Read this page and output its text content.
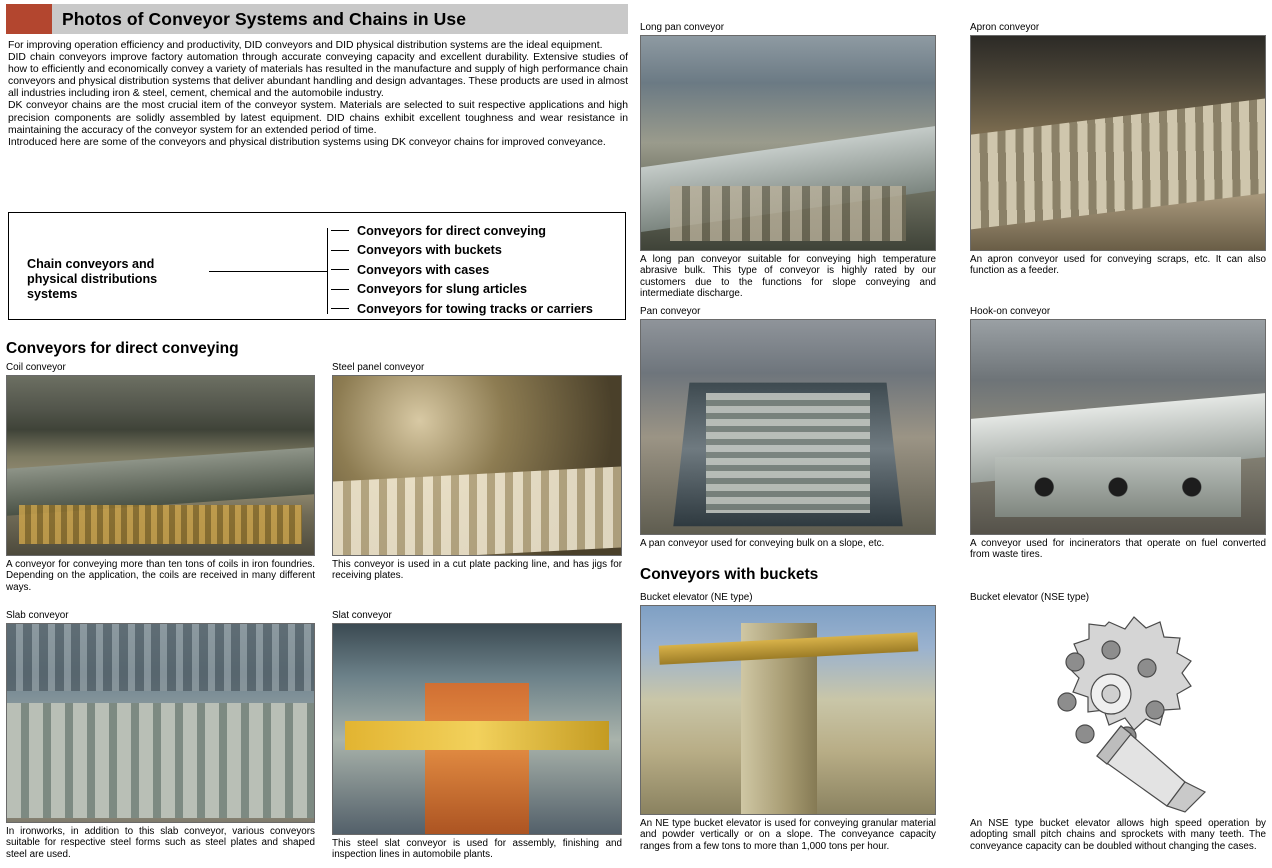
Photos of Conveyor Systems and Chains in Use

For improving operation efficiency and productivity, DID conveyors and DID physical distribution systems are the ideal equipment.

DID chain conveyors improve factory automation through accurate conveying capacity and excellent durability. Extensive studies of how to efficiently and economically convey a variety of materials has resulted in the manufacture and supply of high performance chain conveyors and physical distribution systems that deliver abundant handling and design advantages. These products are used in almost all industries including iron & steel, cement, chemical and the automobile industry.

DK conveyor chains are the most crucial item of the conveyor system. Materials are selected to suit respective applications and high precision components are solidly assembled by latest equipment. DID chains exhibit excellent toughness and wear resistance in maintaining the accuracy of the conveyor system for an extended period of time.

Introduced here are some of the conveyors and physical distribution systems using DK conveyor chains for improved conveyance.

Chain conveyors and
physical distributions systems
Conveyors for direct conveying
Conveyors with buckets
Conveyors with cases
Conveyors for slung articles
Conveyors for towing tracks or carriers
Conveyors for direct conveying
Coil conveyor
A conveyor for conveying more than ten tons of coils in iron foundries. Depending on the application, the coils are received in many different ways.
Steel panel conveyor
This conveyor is used in a cut plate packing line, and has jigs for receiving plates.
Slab conveyor
In ironworks, in addition to this slab conveyor, various conveyors suitable for respective steel forms such as steel plates and shaped steel are used.
Slat conveyor
This steel slat conveyor is used for assembly, finishing and inspection lines in automobile plants.
Long pan conveyor
A long pan conveyor suitable for conveying high temperature abrasive bulk. This type of conveyor is highly rated by our customers due to the functions for slope conveying and intermediate discharge.
Apron conveyor
An apron conveyor used for conveying scraps, etc. It can also function as a feeder.
Pan conveyor
A pan conveyor used for conveying bulk on a slope, etc.
Hook-on conveyor
A conveyor used for incinerators that operate on fuel converted from waste tires.
Conveyors with buckets
Bucket elevator (NE type)
An NE type bucket elevator is used for conveying granular material and powder vertically or on a slope. The conveyance capacity ranges from a few tons to more than 1,000 tons per hour.
Bucket elevator (NSE type)
An NSE type bucket elevator allows high speed operation by adopting small pitch chains and sprockets with many teeth. The conveyance capacity can be doubled without changing the cases.
